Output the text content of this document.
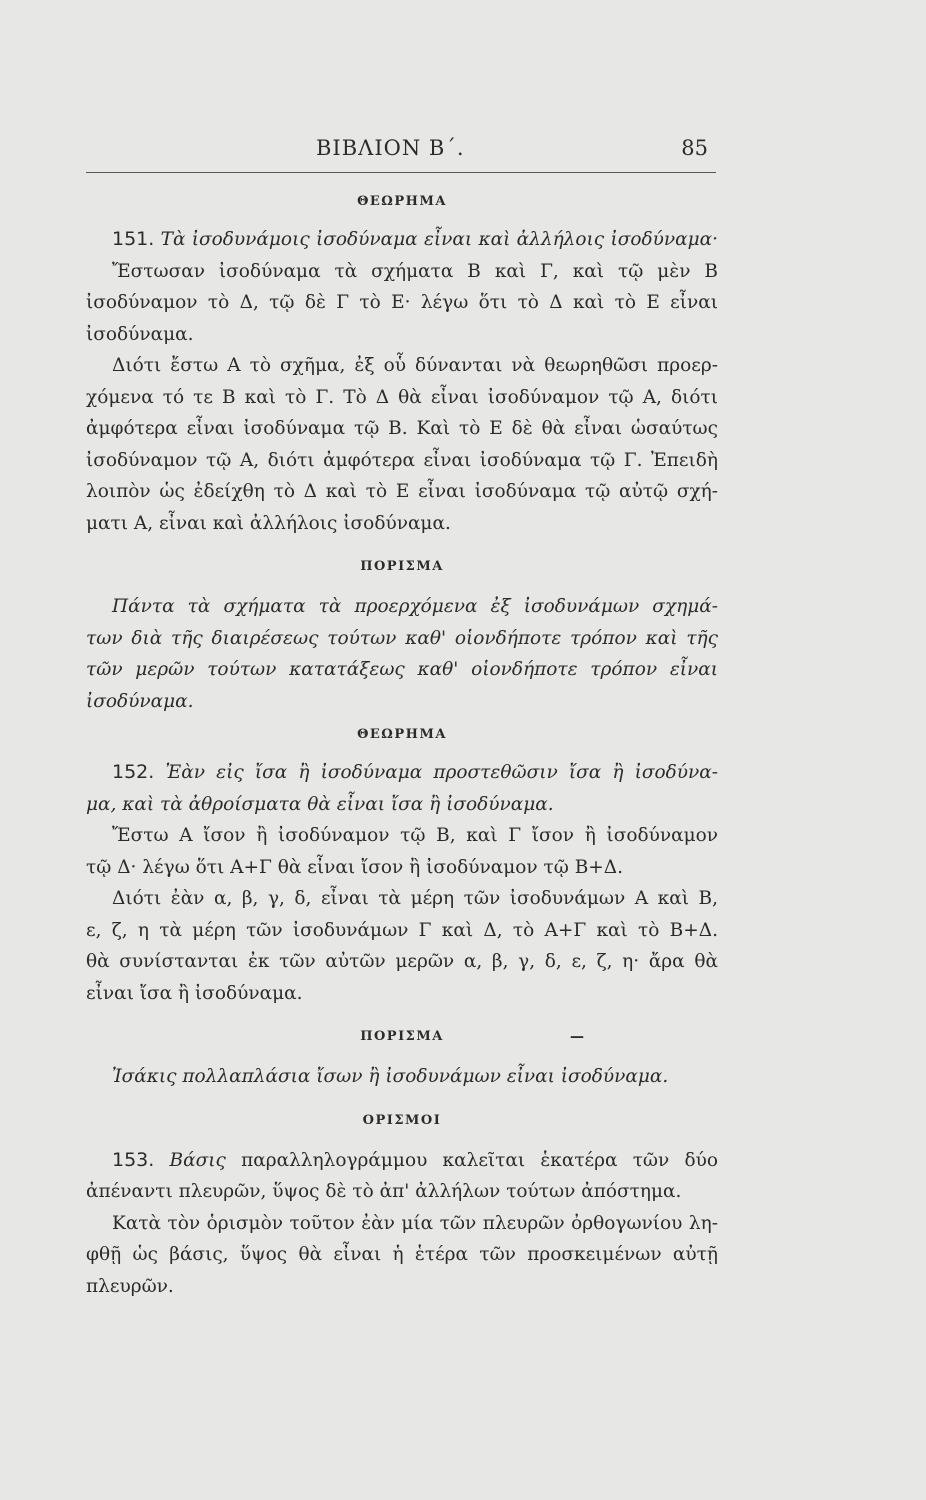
ΒΙΒΛΙΟΝ Β΄.	85
ΘΕΩΡΗΜΑ
151. Τὰ ἰσοδυνάμοις ἰσοδύναμα εἶναι καὶ ἀλλήλοις ἰσοδύναμα·
Ἔστωσαν ἰσοδύναμα τὰ σχήματα Β καὶ Γ, καὶ τῷ μὲν Β
ἰσοδύναμον τὸ Δ, τῷ δὲ Γ τὸ Ε· λέγω ὅτι τὸ Δ καὶ τὸ Ε εἶναι
ἰσοδύναμα.
Διότι ἔστω Α τὸ σχῆμα, ἐξ οὗ δύνανται νὰ θεωρηθῶσι προερ-
χόμενα τό τε Β καὶ τὸ Γ. Τὸ Δ θὰ εἶναι ἰσοδύναμον τῷ Α, διότι
ἀμφότερα εἶναι ἰσοδύναμα τῷ Β. Καὶ τὸ Ε δὲ θὰ εἶναι ὡσαύτως
ἰσοδύναμον τῷ Α, διότι ἀμφότερα εἶναι ἰσοδύναμα τῷ Γ. Ἐπειδὴ
λοιπὸν ὡς ἐδείχθη τὸ Δ καὶ τὸ Ε εἶναι ἰσοδύναμα τῷ αὐτῷ σχή-
ματι Α, εἶναι καὶ ἀλλήλοις ἰσοδύναμα.
ΠΟΡΙΣΜΑ
Πάντα τὰ σχήματα τὰ προερχόμενα ἐξ ἰσοδυνάμων σχημά-
των διὰ τῆς διαιρέσεως τούτων καθ' οἱονδήποτε τρόπον καὶ τῆς
τῶν μερῶν τούτων κατατάξεως καθ' οἱονδήποτε τρόπον εἶναι
ἰσοδύναμα.
ΘΕΩΡΗΜΑ
152. Ἐὰν εἰς ἴσα ἢ ἰσοδύναμα προστεθῶσιν ἴσα ἢ ἰσοδύνα-
μα, καὶ τὰ ἀθροίσματα θὰ εἶναι ἴσα ἢ ἰσοδύναμα.
Ἔστω Α ἴσον ἢ ἰσοδύναμον τῷ Β, καὶ Γ ἴσον ἢ ἰσοδύναμον
τῷ Δ· λέγω ὅτι Α+Γ θὰ εἶναι ἴσον ἢ ἰσοδύναμον τῷ Β+Δ.
Διότι ἐὰν α, β, γ, δ, εἶναι τὰ μέρη τῶν ἰσοδυνάμων Α καὶ Β,
ε, ζ, η τὰ μέρη τῶν ἰσοδυνάμων Γ καὶ Δ, τὸ Α+Γ καὶ τὸ Β+Δ.
θὰ συνίστανται ἐκ τῶν αὐτῶν μερῶν α, β, γ, δ, ε, ζ, η· ἄρα θὰ
εἶναι ἴσα ἢ ἰσοδύναμα.
ΠΟΡΙΣΜΑ	—
Ἰσάκις πολλαπλάσια ἴσων ἢ ἰσοδυνάμων εἶναι ἰσοδύναμα.
ΟΡΙΣΜΟΙ
153. Βάσις παραλληλογράμμου καλεῖται ἑκατέρα τῶν δύο
ἀπέναντι πλευρῶν, ὕψος δὲ τὸ ἀπ' ἀλλήλων τούτων ἀπόστημα.
Κατὰ τὸν ὁρισμὸν τοῦτον ἐὰν μία τῶν πλευρῶν ὀρθογωνίου λη-
φθῇ ὡς βάσις, ὕψος θὰ εἶναι ἡ ἑτέρα τῶν προσκειμένων αὐτῇ
πλευρῶν.
